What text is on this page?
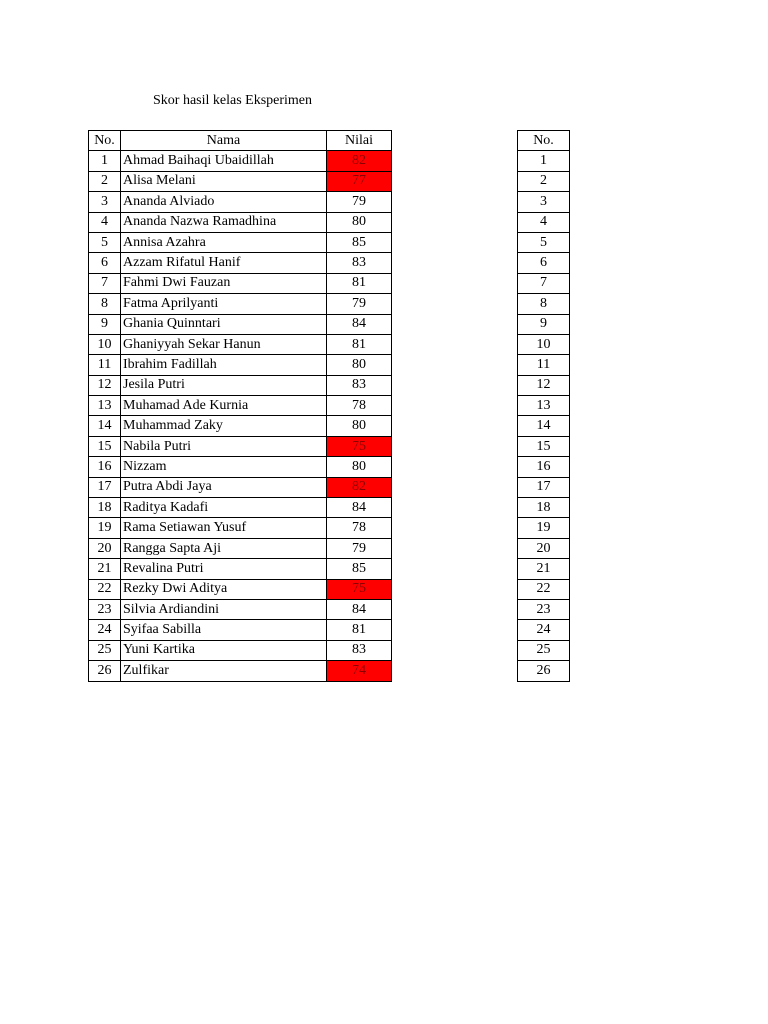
Skor hasil kelas Eksperimen
No.	Nama	Nilai
1	Ahmad Baihaqi Ubaidillah	82
2	Alisa Melani	77
3	Ananda Alviado	79
4	Ananda Nazwa Ramadhina	80
5	Annisa Azahra	85
6	Azzam Rifatul Hanif	83
7	Fahmi Dwi Fauzan	81
8	Fatma Aprilyanti	79
9	Ghania Quinntari	84
10	Ghaniyyah Sekar Hanun	81
11	Ibrahim Fadillah	80
12	Jesila Putri	83
13	Muhamad Ade Kurnia	78
14	Muhammad Zaky	80
15	Nabila Putri	75
16	Nizzam	80
17	Putra Abdi Jaya	82
18	Raditya Kadafi	84
19	Rama Setiawan Yusuf	78
20	Rangga Sapta Aji	79
21	Revalina Putri	85
22	Rezky Dwi Aditya	75
23	Silvia Ardiandini	84
24	Syifaa Sabilla	81
25	Yuni Kartika	83
26	Zulfikar	74
No.
1
2
3
4
5
6
7
8
9
10
11
12
13
14
15
16
17
18
19
20
21
22
23
24
25
26
